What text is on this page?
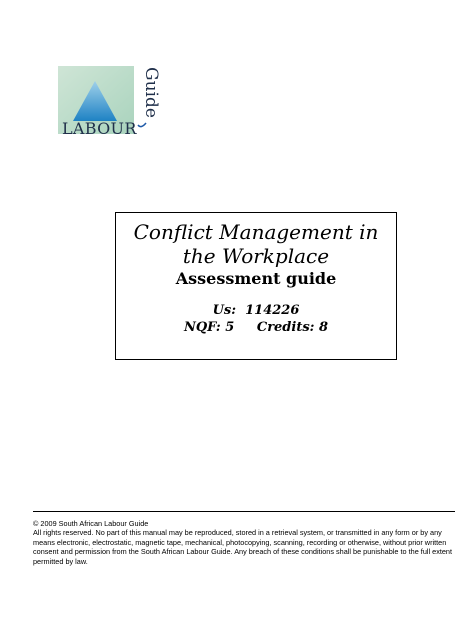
Guide
LABOUR
Conflict Management in the Workplace
Assessment guide
Us: 114226
NQF: 5 Credits: 8

© 2009 South African Labour Guide

All rights reserved. No part of this manual may be reproduced, stored in a retrieval system, or transmitted in any form or by any means electronic, electrostatic, magnetic tape, mechanical, photocopying, scanning, recording or otherwise, without prior written consent and permission from the South African Labour Guide. Any breach of these conditions shall be punishable to the full extent permitted by law.
